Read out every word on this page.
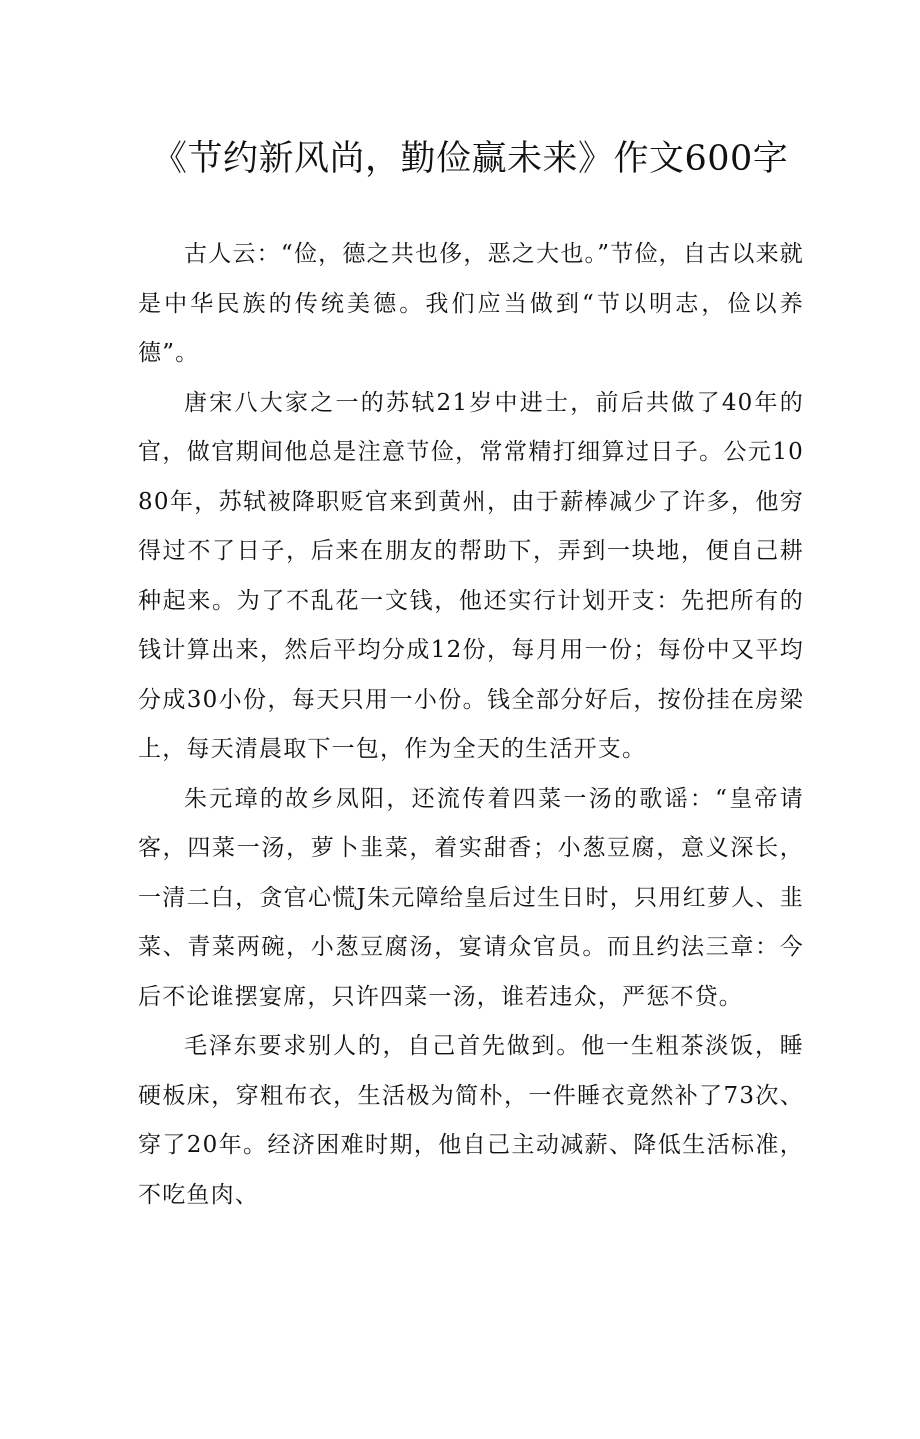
《节约新风尚，勤俭赢未来》作文600字

古人云：“俭，德之共也侈，恶之大也。”节俭，自古以来就是中华民族的传统美德。我们应当做到“节以明志，俭以养德”。

唐宋八大家之一的苏轼21岁中进士，前后共做了40年的官，做官期间他总是注意节俭，常常精打细算过日子。公元1080年，苏轼被降职贬官来到黄州，由于薪棒减少了许多，他穷得过不了日子，后来在朋友的帮助下，弄到一块地，便自己耕种起来。为了不乱花一文钱，他还实行计划开支：先把所有的钱计算出来，然后平均分成12份，每月用一份；每份中又平均分成30小份，每天只用一小份。钱全部分好后，按份挂在房梁上，每天清晨取下一包，作为全天的生活开支。

朱元璋的故乡凤阳，还流传着四菜一汤的歌谣：“皇帝请客，四菜一汤，萝卜韭菜，着实甜香；小葱豆腐，意义深长，一清二白，贪官心慌J朱元障给皇后过生日时，只用红萝人、韭菜、青菜两碗，小葱豆腐汤，宴请众官员。而且约法三章：今后不论谁摆宴席，只许四菜一汤，谁若违众，严惩不贷。

毛泽东要求别人的，自己首先做到。他一生粗茶淡饭，睡硬板床，穿粗布衣，生活极为简朴，一件睡衣竟然补了73次、穿了20年。经济困难时期，他自己主动减薪、降低生活标准，不吃鱼肉、
